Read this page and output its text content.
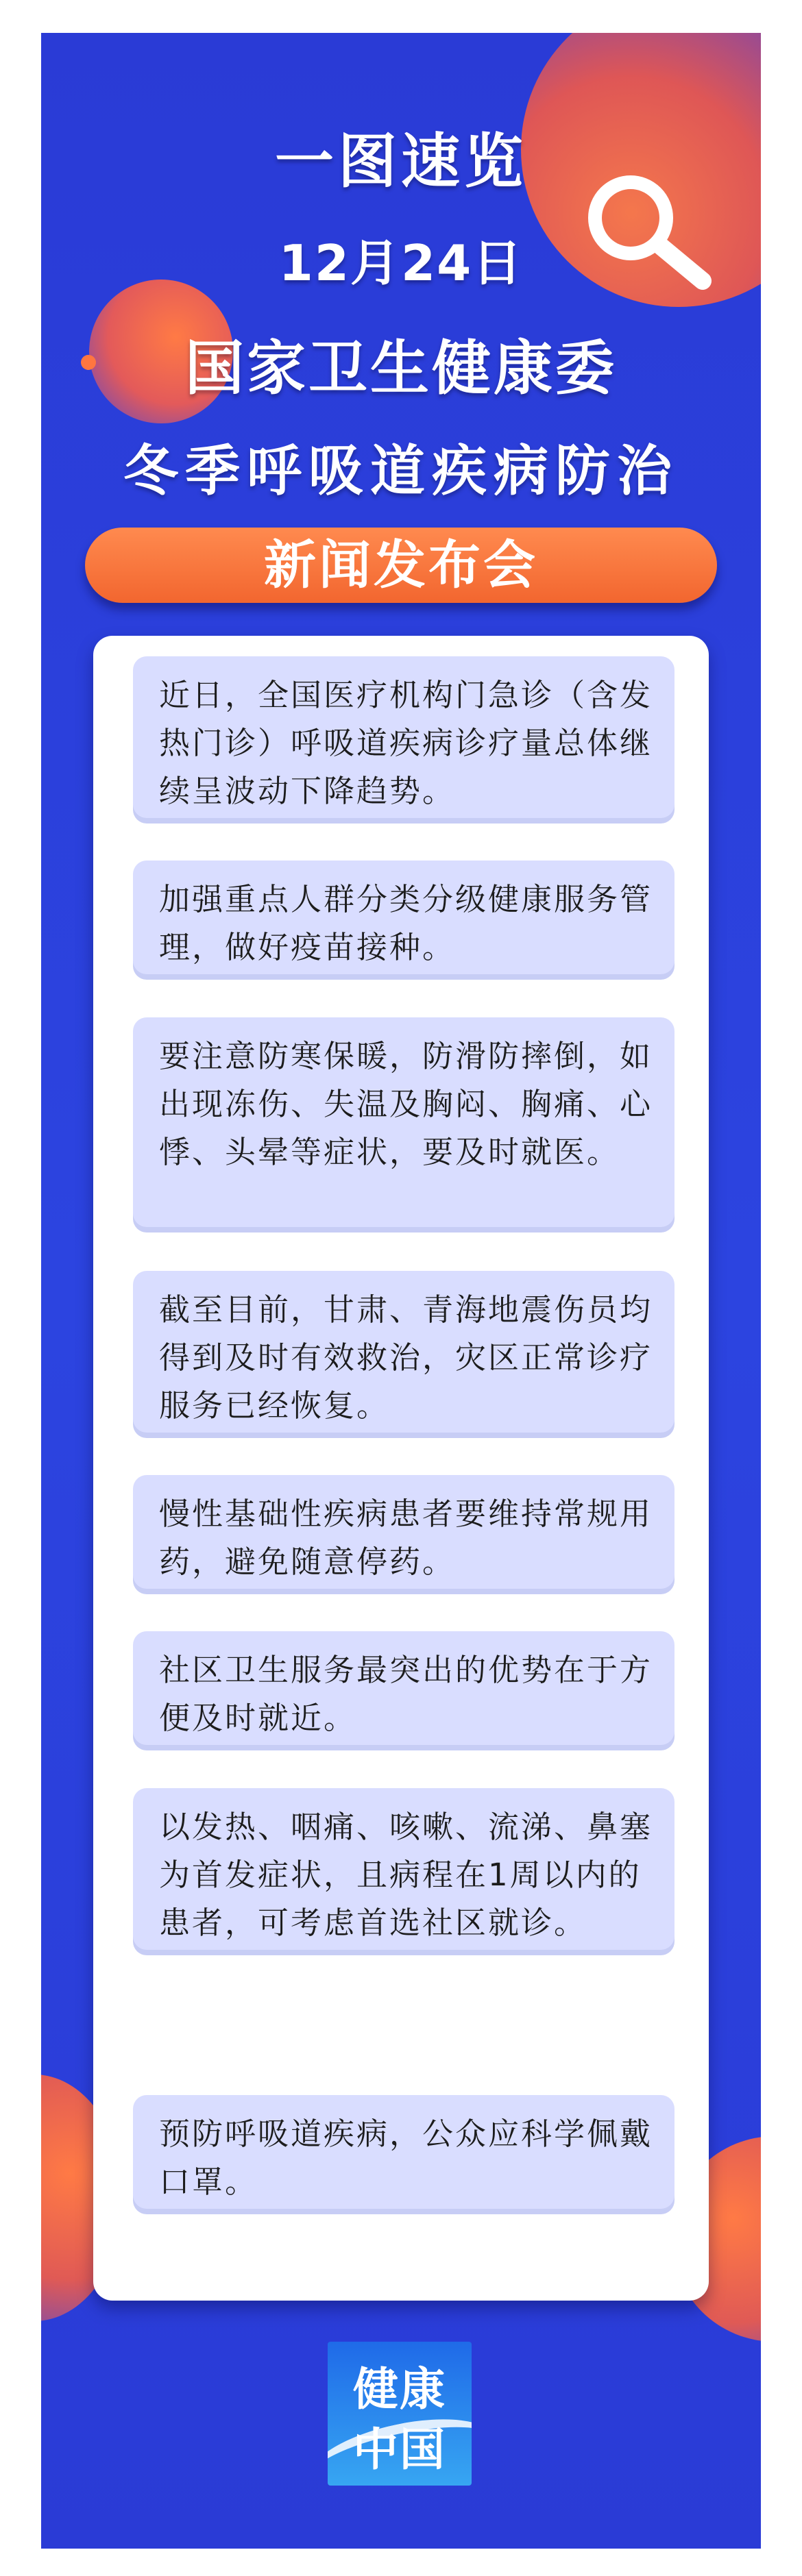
一图速览
12月24日
国家卫生健康委
冬季呼吸道疾病防治
新闻发布会
近日，全国医疗机构门急诊（含发热门诊）呼吸道疾病诊疗量总体继续呈波动下降趋势。
加强重点人群分类分级健康服务管理，做好疫苗接种。
要注意防寒保暖，防滑防摔倒，如出现冻伤、失温及胸闷、胸痛、心悸、头晕等症状，要及时就医。
截至目前，甘肃、青海地震伤员均得到及时有效救治，灾区正常诊疗服务已经恢复。
慢性基础性疾病患者要维持常规用药，避免随意停药。
社区卫生服务最突出的优势在于方便及时就近。
以发热、咽痛、咳嗽、流涕、鼻塞为首发症状，且病程在1周以内的患者，可考虑首选社区就诊。
预防呼吸道疾病，公众应科学佩戴口罩。
健康
中国
